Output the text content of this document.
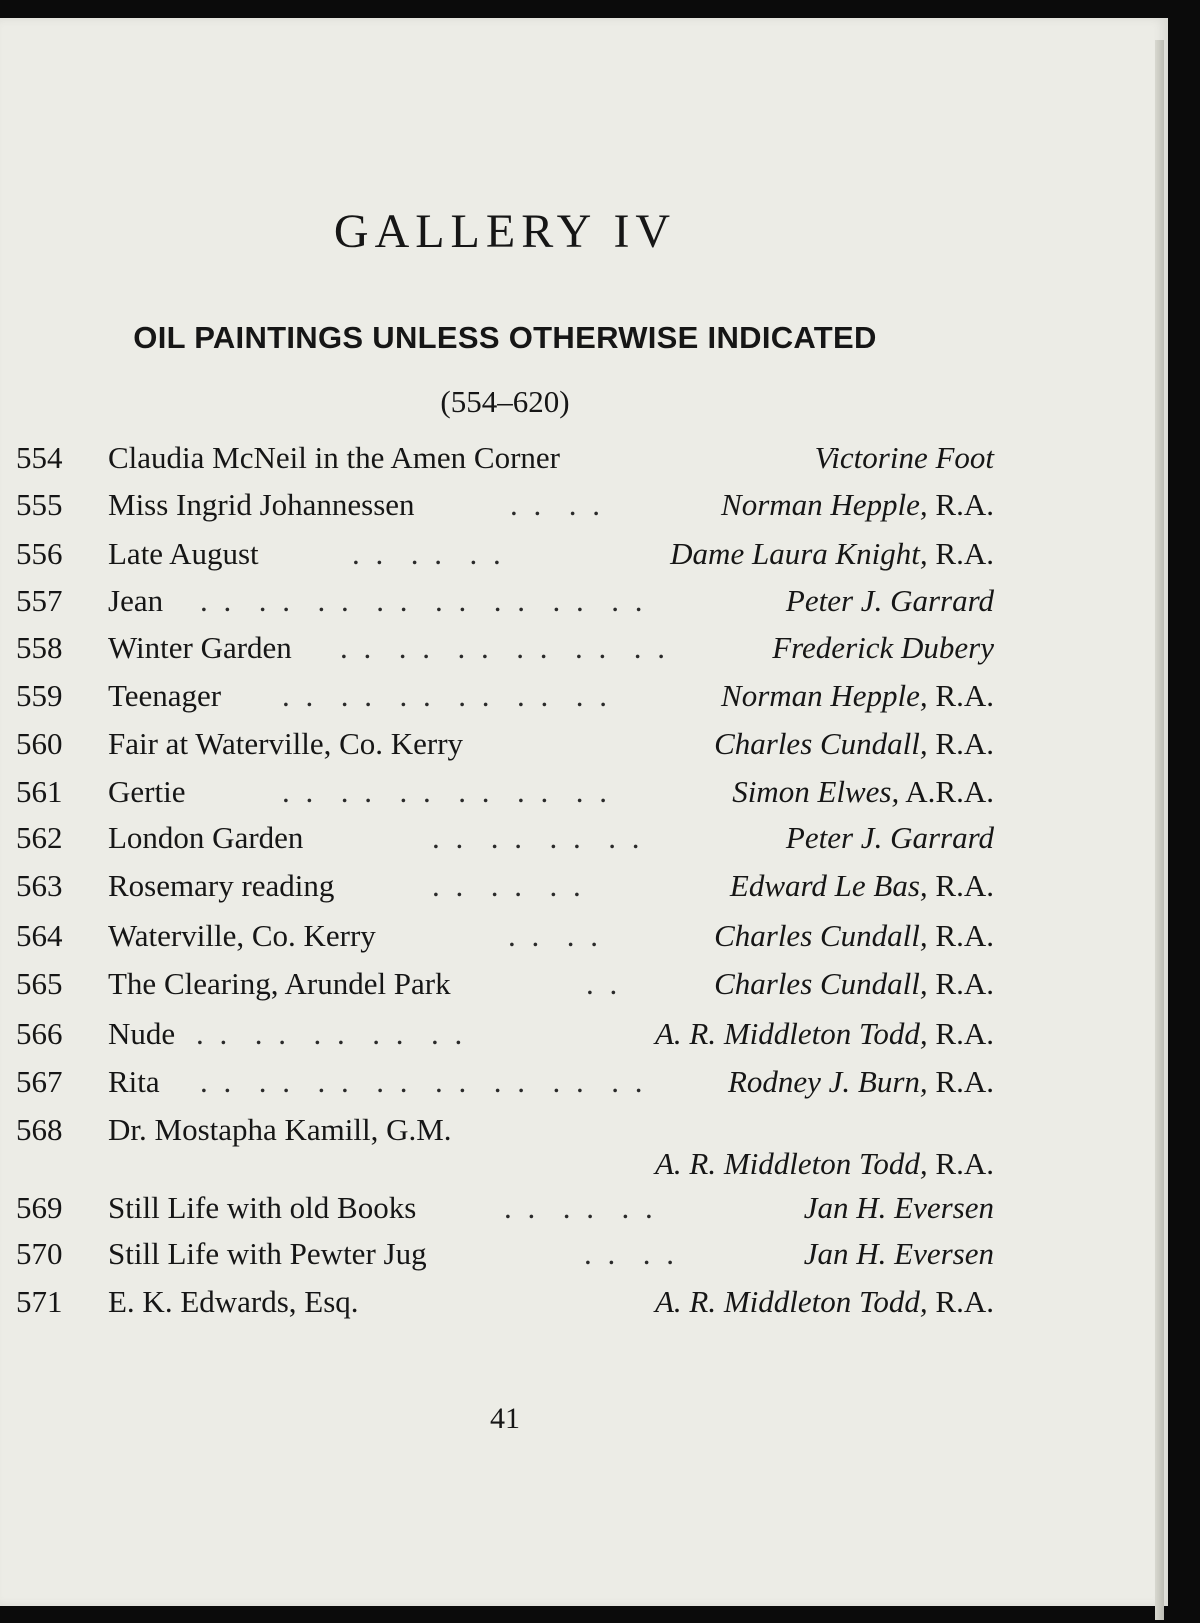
GALLERY IV
OIL PAINTINGS UNLESS OTHERWISE INDICATED
(554–620)
554 Claudia McNeil in the Amen Corner	Victorine Foot
555 Miss Ingrid Johannessen	. .  . .	Norman Hepple, R.A.
556 Late August	. .  . .  . .	Dame Laura Knight, R.A.
557 Jean . .  . .  . .  . .  . .  . .  . .  . .	Peter J. Garrard
558 Winter Garden . .  . .  . .  . .  . .  . .	Frederick Dubery
559 Teenager . .  . .  . .  . .  . .  . .	Norman Hepple, R.A.
560 Fair at Waterville, Co. Kerry	Charles Cundall, R.A.
561 Gertie	. .  . .  . .  . .  . .  . .	Simon Elwes, A.R.A.
562 London Garden	. .  . .  . .  . .	Peter J. Garrard
563 Rosemary reading	. .  . .  . .	Edward Le Bas, R.A.
564 Waterville, Co. Kerry	. .  . .	Charles Cundall, R.A.
565 The Clearing, Arundel Park	. .	Charles Cundall, R.A.
566 Nude . .  . .  . .  . .  . .	A. R. Middleton Todd, R.A.
567 Rita . .  . .  . .  . .  . .  . .  . .  . .	Rodney J. Burn, R.A.
568 Dr. Mostapha Kamill, G.M.
A. R. Middleton Todd, R.A.
569 Still Life with old Books	. .  . .  . .	Jan H. Eversen
570 Still Life with Pewter Jug	. .  . .	Jan H. Eversen
571 E. K. Edwards, Esq.	A. R. Middleton Todd, R.A.
41
